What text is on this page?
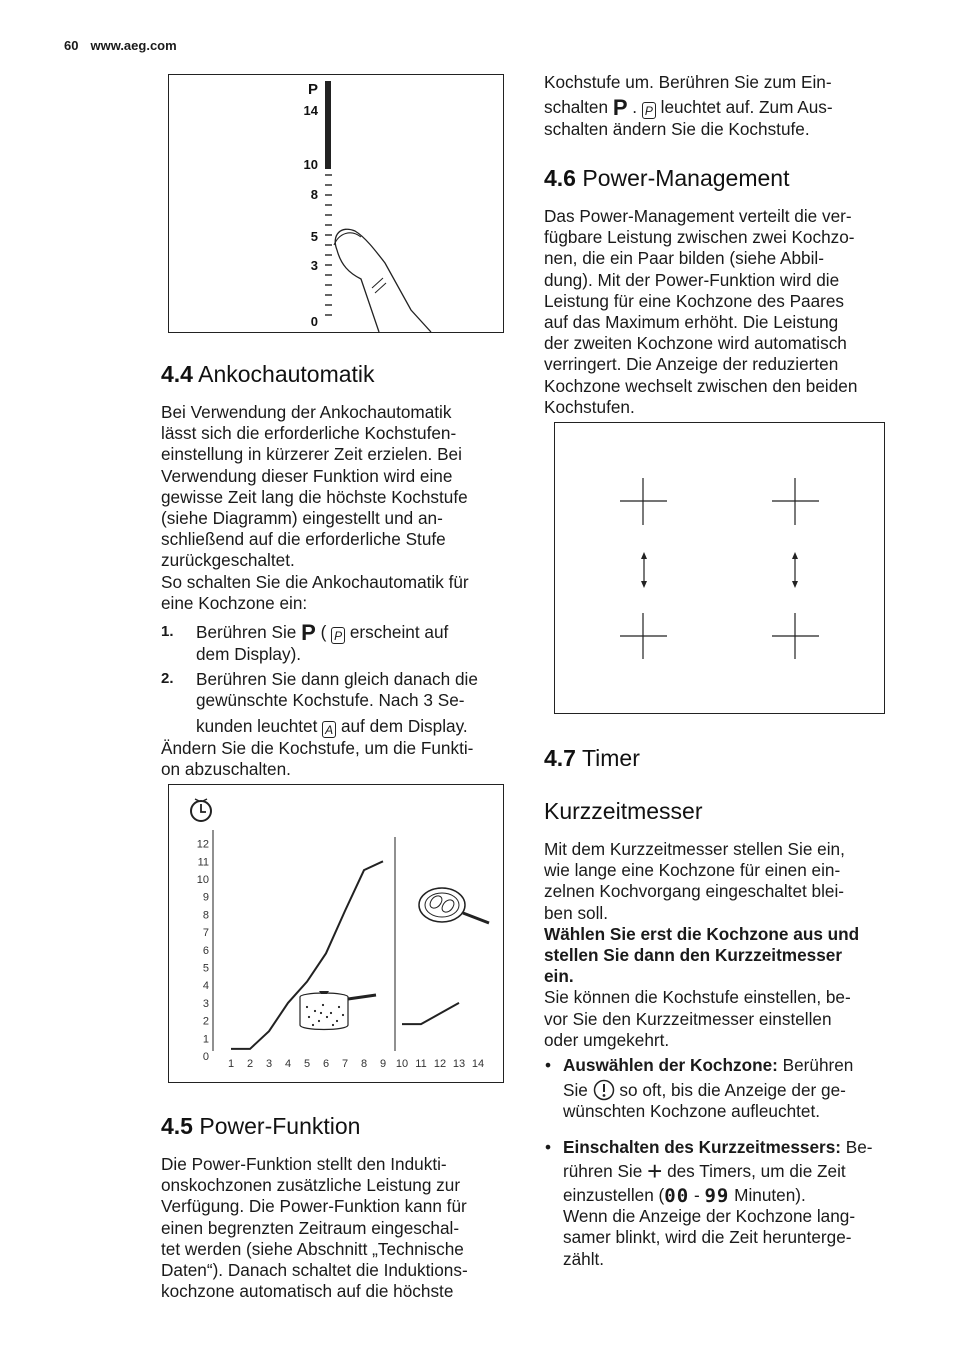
60 www.aeg.com
P
14
10
8
5
3
0
4.4 Ankochautomatik

Bei Verwendung der Ankochautomatik

lässt sich die erforderliche Kochstufen-

einstellung in kürzerer Zeit erzielen. Bei

Verwendung dieser Funktion wird eine

gewisse Zeit lang die höchste Kochstufe

(siehe Diagramm) eingestellt und an-

schließend auf die erforderliche Stufe

zurückgeschaltet.

So schalten Sie die Ankochautomatik für

eine Kochzone ein:

1. Berühren Sie P ( P erscheint auf

dem Display).

2. Berühren Sie dann gleich danach die

gewünschte Kochstufe. Nach 3 Se-

kunden leuchtet A auf dem Display.

Ändern Sie die Kochstufe, um die Funkti-

on abzuschalten.

0
1
2
3
4
5
6
7
8
9
10
11
12
1 2 3 4 5 6 7 8 9 10 11 12 13 14
4.5 Power-Funktion

Die Power-Funktion stellt den Indukti-

onskochzonen zusätzliche Leistung zur

Verfügung. Die Power-Funktion kann für

einen begrenzten Zeitraum eingeschal-

tet werden (siehe Abschnitt „Technische

Daten“). Danach schaltet die Induktions-

kochzone automatisch auf die höchste

Kochstufe um. Berühren Sie zum Ein-

schalten P . P leuchtet auf. Zum Aus-

schalten ändern Sie die Kochstufe.

4.6 Power-Management

Das Power-Management verteilt die ver-

fügbare Leistung zwischen zwei Kochzo-

nen, die ein Paar bilden (siehe Abbil-

dung). Mit der Power-Funktion wird die

Leistung für eine Kochzone des Paares

auf das Maximum erhöht. Die Leistung

der zweiten Kochzone wird automatisch

verringert. Die Anzeige der reduzierten

Kochzone wechselt zwischen den beiden

Kochstufen.

4.7 Timer
Kurzzeitmesser

Mit dem Kurzzeitmesser stellen Sie ein,

wie lange eine Kochzone für einen ein-

zelnen Kochvorgang eingeschaltet blei-

ben soll.

Wählen Sie erst die Kochzone aus und

stellen Sie dann den Kurzzeitmesser

ein.

Sie können die Kochstufe einstellen, be-

vor Sie den Kurzzeitmesser einstellen

oder umgekehrt.

• Auswählen der Kochzone: Berühren

Sie so oft, bis die Anzeige der ge-

wünschten Kochzone aufleuchtet.

• Einschalten des Kurzzeitmessers: Be-

rühren Sie + des Timers, um die Zeit

einzustellen (00 - 99 Minuten).

Wenn die Anzeige der Kochzone lang-

samer blinkt, wird die Zeit herunterge-

zählt.
